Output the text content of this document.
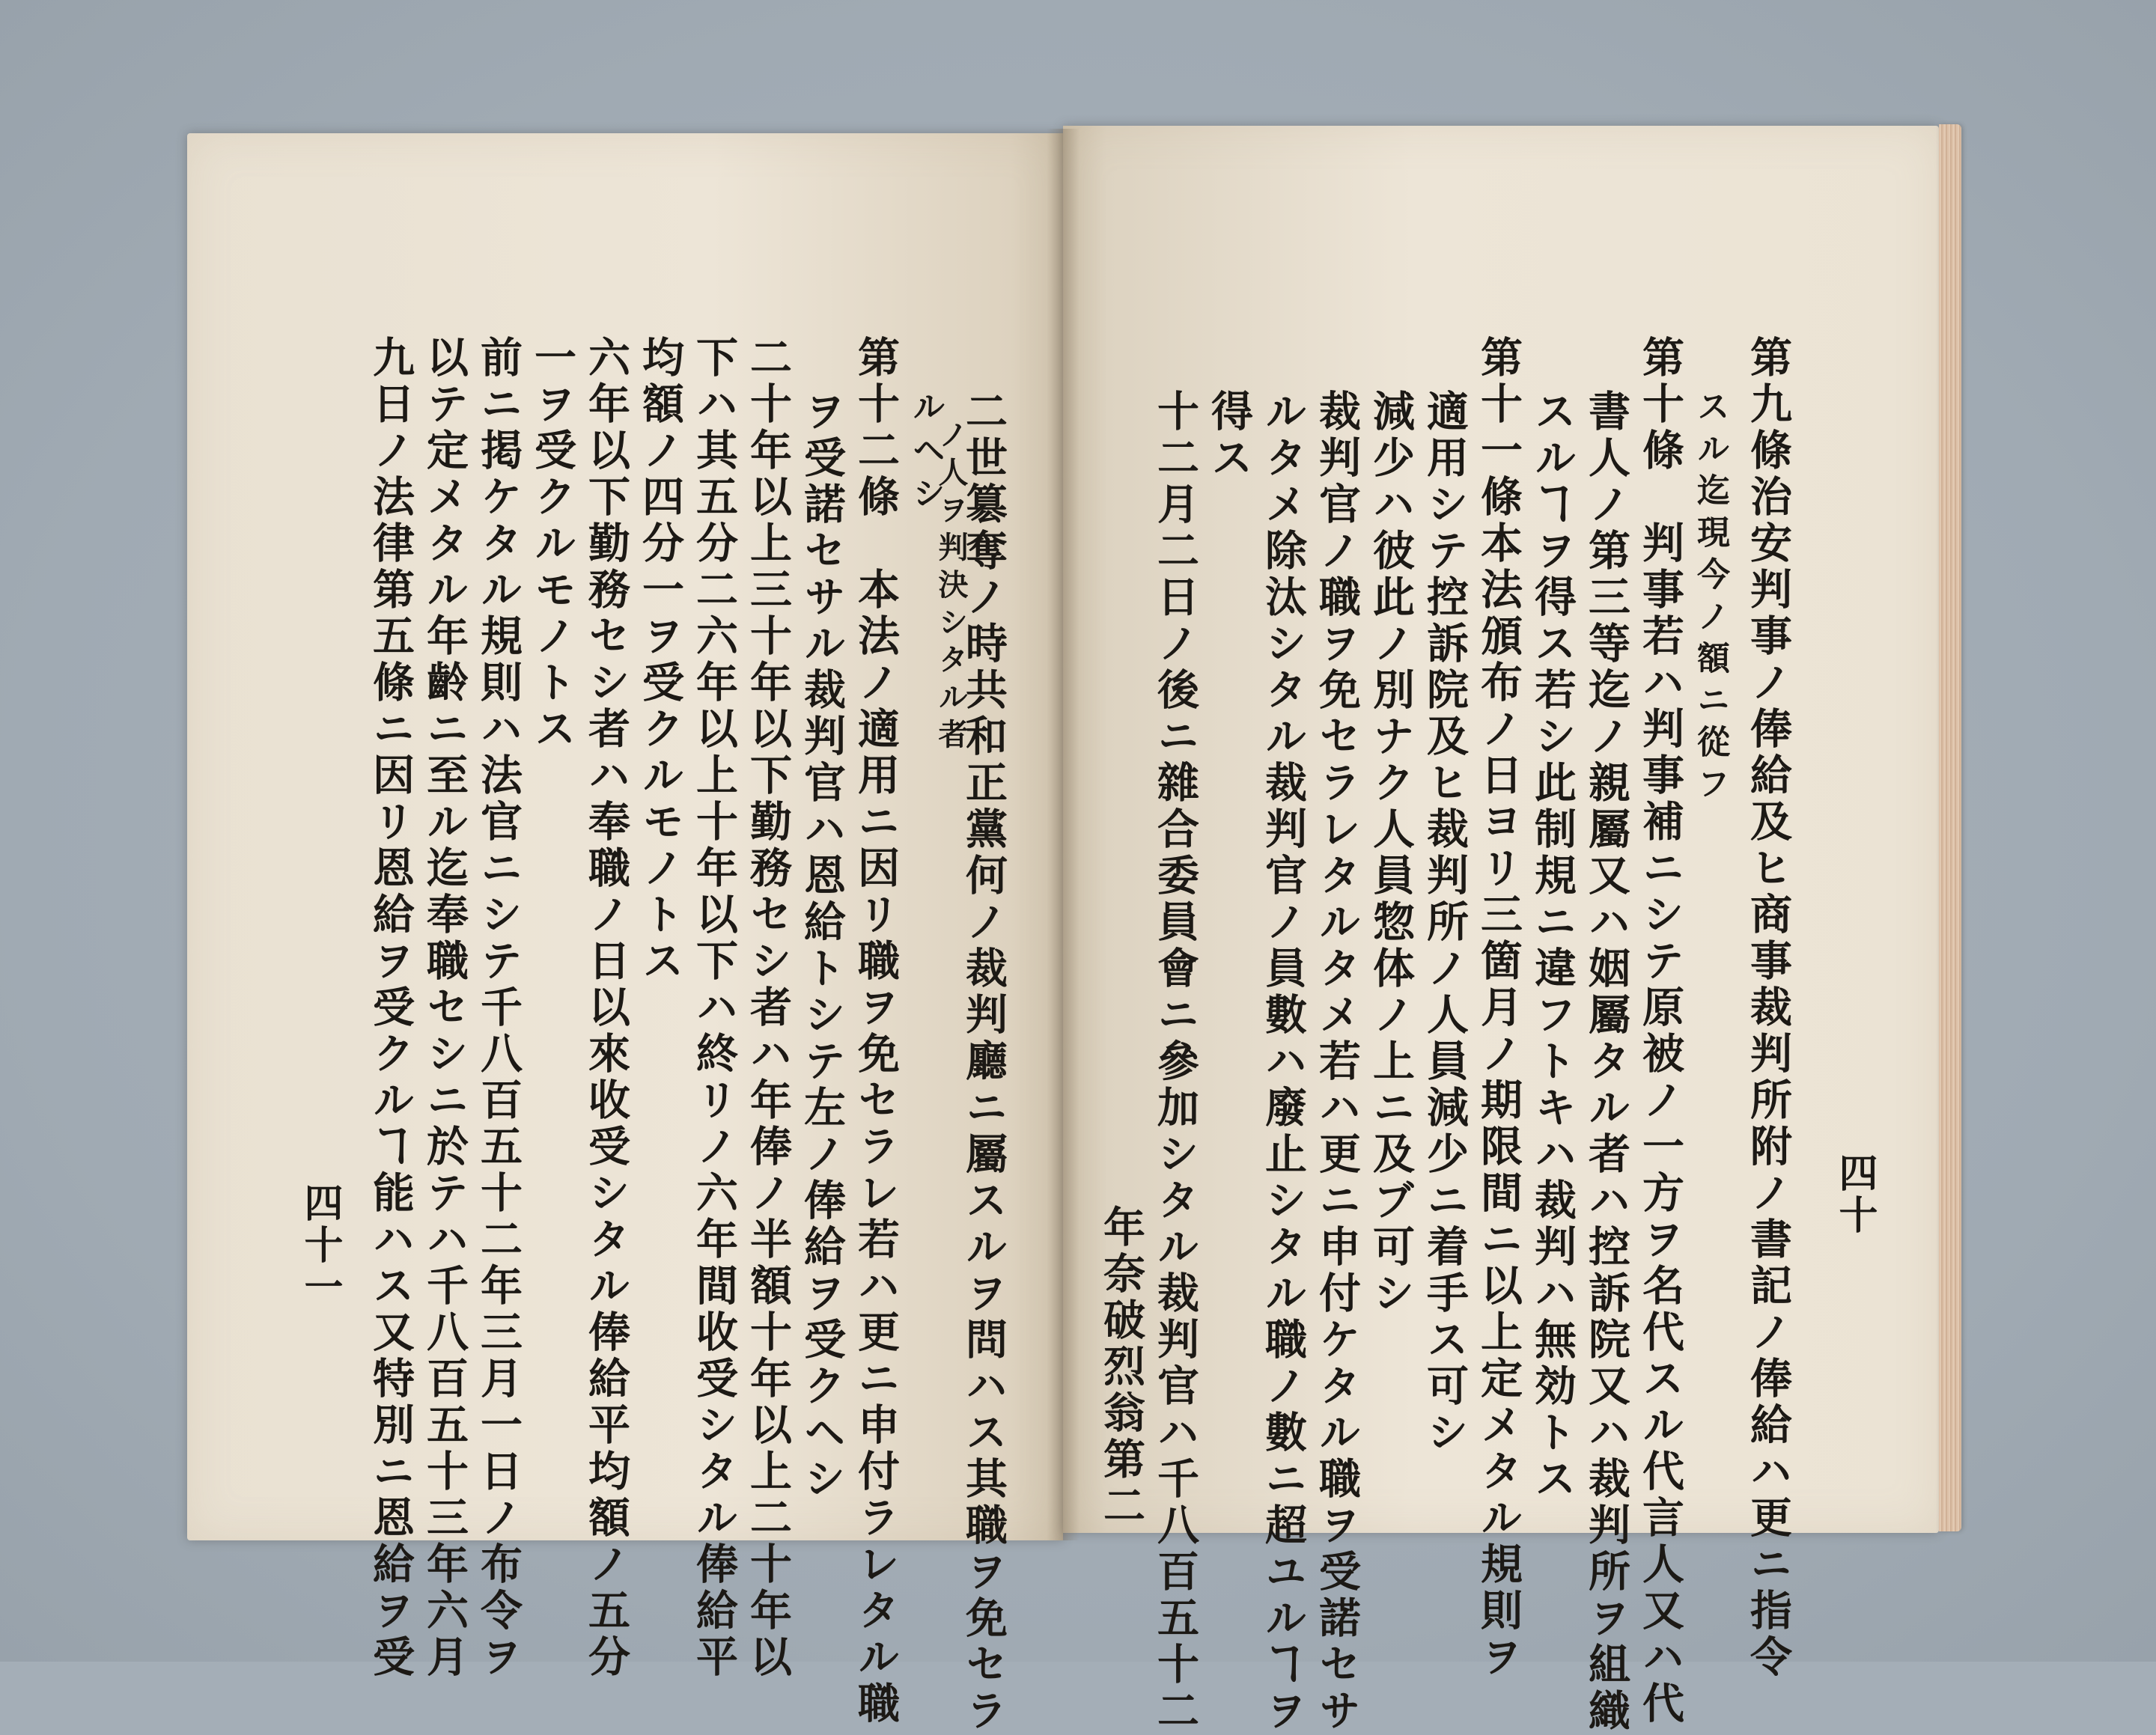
四十
第九條治安判事ノ俸給及ヒ商事裁判所附ノ書記ノ俸給ハ更ニ指令
スル迄現今ノ額ニ從フ
第十條　判事若ハ判事補ニシテ原被ノ一方ヲ名代スル代言人又ハ代
書人ノ第三等迄ノ親屬又ハ姻屬タル者ハ控訴院又ハ裁判所ヲ組織
スルヿヲ得ス若シ此制規ニ違フトキハ裁判ハ無効トス
第十一條本法頒布ノ日ヨリ三箇月ノ期限間ニ以上定メタル規則ヲ
適用シテ控訴院及ヒ裁判所ノ人員減少ニ着手ス可シ
減少ハ彼此ノ別ナク人員惣体ノ上ニ及ブ可シ
裁判官ノ職ヲ免セラレタルタメ若ハ更ニ申付ケタル職ヲ受諾セサ
ルタメ除汰シタル裁判官ノ員數ハ廢止シタル職ノ數ニ超ユルヿヲ
得ス
十二月二日ノ後ニ雜合委員會ニ參加シタル裁判官ハ千八百五十二
年奈破烈翁第二
四十一	二世簒奪ノ時共和正黨何ノ裁判廳ニ屬スルヲ問ハス其職ヲ免セラ
ルヘシ
ノ人ヲ判決シタル者
第十二條　本法ノ適用ニ因リ職ヲ免セラレ若ハ更ニ申付ラレタル職
ヲ受諾セサル裁判官ハ恩給トシテ左ノ俸給ヲ受クヘシ
二十年以上三十年以下勤務セシ者ハ年俸ノ半額十年以上二十年以
下ハ其五分二六年以上十年以下ハ終リノ六年間收受シタル俸給平
均額ノ四分一ヲ受クルモノトス
六年以下勤務セシ者ハ奉職ノ日以來收受シタル俸給平均額ノ五分
一ヲ受クルモノトス
前ニ掲ケタル規則ハ法官ニシテ千八百五十二年三月一日ノ布令ヲ
以テ定メタル年齡ニ至ル迄奉職セシニ於テハ千八百五十三年六月
九日ノ法律第五條ニ因リ恩給ヲ受クルヿ能ハス又特別ニ恩給ヲ受
